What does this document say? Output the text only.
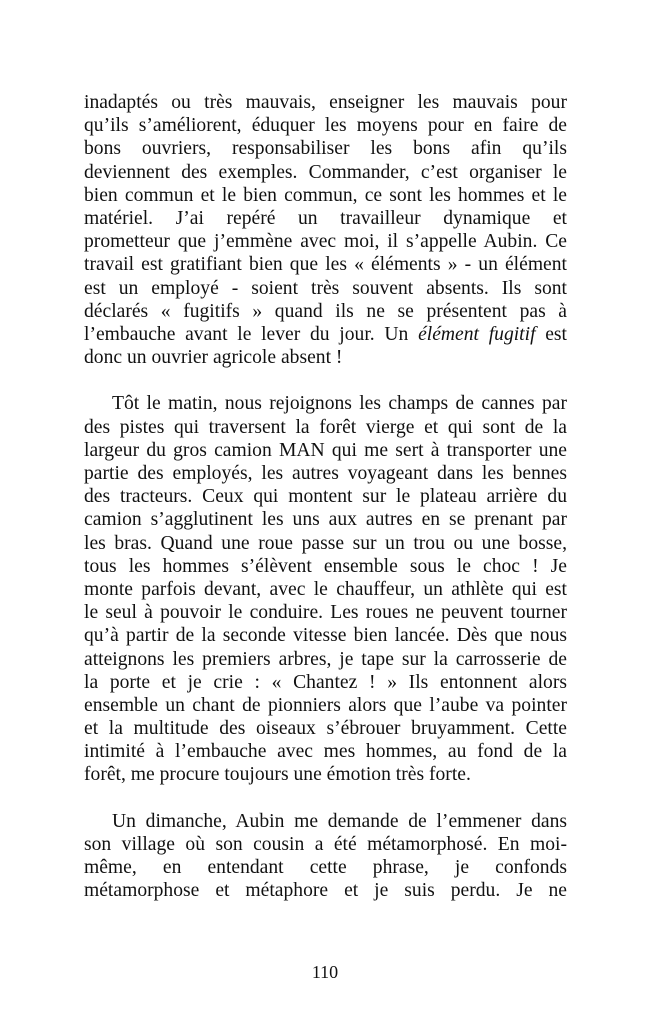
inadaptés ou très mauvais, enseigner les mauvais pour
qu’ils s’améliorent, éduquer les moyens pour en faire de
bons ouvriers, responsabiliser les bons afin qu’ils
deviennent des exemples. Commander, c’est organiser le
bien commun et le bien commun, ce sont les hommes et le
matériel. J’ai repéré un travailleur dynamique et
prometteur que j’emmène avec moi, il s’appelle Aubin. Ce
travail est gratifiant bien que les « éléments » - un élément
est un employé - soient très souvent absents. Ils sont
déclarés « fugitifs » quand ils ne se présentent pas à
l’embauche avant le lever du jour. Un élément fugitif est
donc un ouvrier agricole absent !
Tôt le matin, nous rejoignons les champs de cannes par
des pistes qui traversent la forêt vierge et qui sont de la
largeur du gros camion MAN qui me sert à transporter une
partie des employés, les autres voyageant dans les bennes
des tracteurs. Ceux qui montent sur le plateau arrière du
camion s’agglutinent les uns aux autres en se prenant par
les bras. Quand une roue passe sur un trou ou une bosse,
tous les hommes s’élèvent ensemble sous le choc ! Je
monte parfois devant, avec le chauffeur, un athlète qui est
le seul à pouvoir le conduire. Les roues ne peuvent tourner
qu’à partir de la seconde vitesse bien lancée. Dès que nous
atteignons les premiers arbres, je tape sur la carrosserie de
la porte et je crie : « Chantez ! » Ils entonnent alors
ensemble un chant de pionniers alors que l’aube va pointer
et la multitude des oiseaux s’ébrouer bruyamment. Cette
intimité à l’embauche avec mes hommes, au fond de la
forêt, me procure toujours une émotion très forte.
Un dimanche, Aubin me demande de l’emmener dans
son village où son cousin a été métamorphosé. En moi-
même, en entendant cette phrase, je confonds
métamorphose et métaphore et je suis perdu. Je ne
110
